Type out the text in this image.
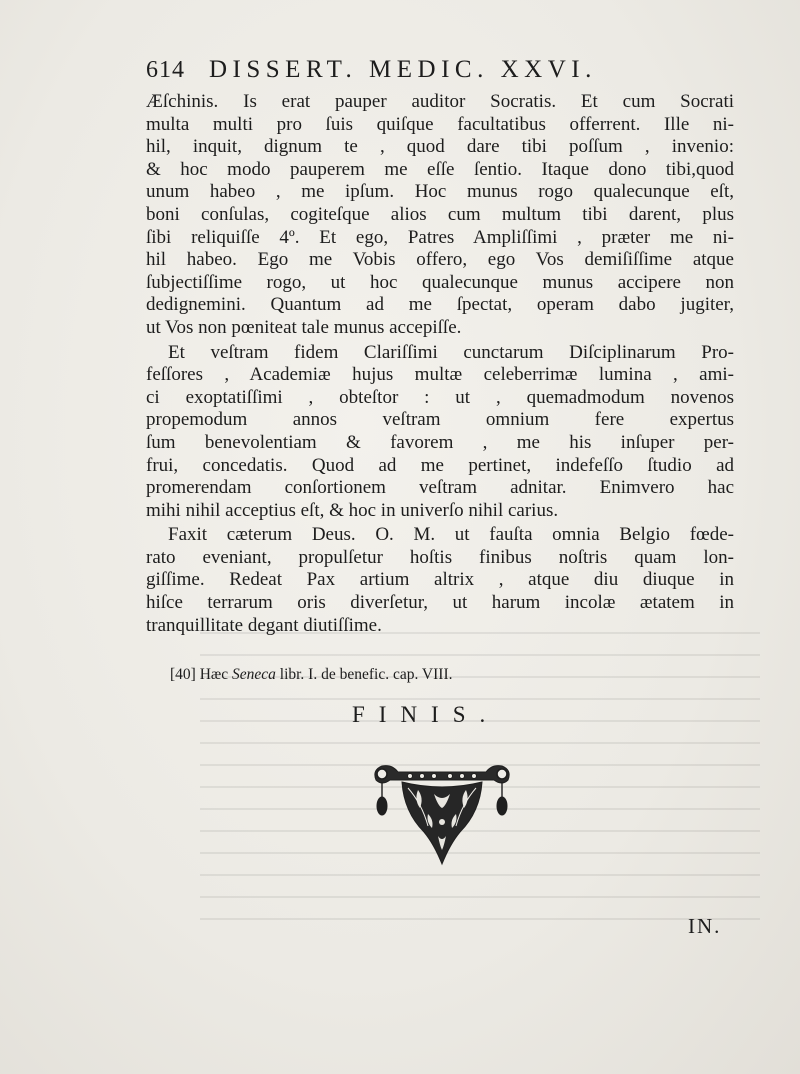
614 DISSERT. MEDIC. XXVI.
Æſchinis. Is erat pauper auditor Socratis. Et cum Socrati
multa multi pro ſuis quiſque facultatibus offerrent. Ille ni-
hil, inquit, dignum te , quod dare tibi poſſum , invenio:
& hoc modo pauperem me eſſe ſentio. Itaque dono tibi,quod
unum habeo , me ipſum. Hoc munus rogo qualecunque eſt,
boni conſulas, cogiteſque alios cum multum tibi darent, plus
ſibi reliquiſſe 4º. Et ego, Patres Ampliſſimi , præter me ni-
hil habeo. Ego me Vobis offero, ego Vos demiſiſſime atque
ſubjectiſſime rogo, ut hoc qualecunque munus accipere non
dedignemini. Quantum ad me ſpectat, operam dabo jugiter,
ut Vos non pœniteat tale munus accepiſſe.
Et veſtram fidem Clariſſimi cunctarum Diſciplinarum Pro-
feſſores , Academiæ hujus multæ celeberrimæ lumina , ami-
ci exoptatiſſimi , obteſtor : ut , quemadmodum novenos
propemodum annos veſtram omnium fere expertus
ſum benevolentiam & favorem , me his inſuper per-
frui, concedatis. Quod ad me pertinet, indefeſſo ſtudio ad
promerendam conſortionem veſtram adnitar. Enimvero hac
mihi nihil acceptius eſt, & hoc in univerſo nihil carius.
Faxit cæterum Deus. O. M. ut fauſta omnia Belgio fœde-
rato eveniant, propulſetur hoſtis finibus noſtris quam lon-
giſſime. Redeat Pax artium altrix , atque diu diuque in
hiſce terrarum oris diverſetur, ut harum incolæ ætatem in
tranquillitate degant diutiſſime.
[40] Hæc Seneca libr. I. de benefic. cap. VIII.
FINIS.
IN.
